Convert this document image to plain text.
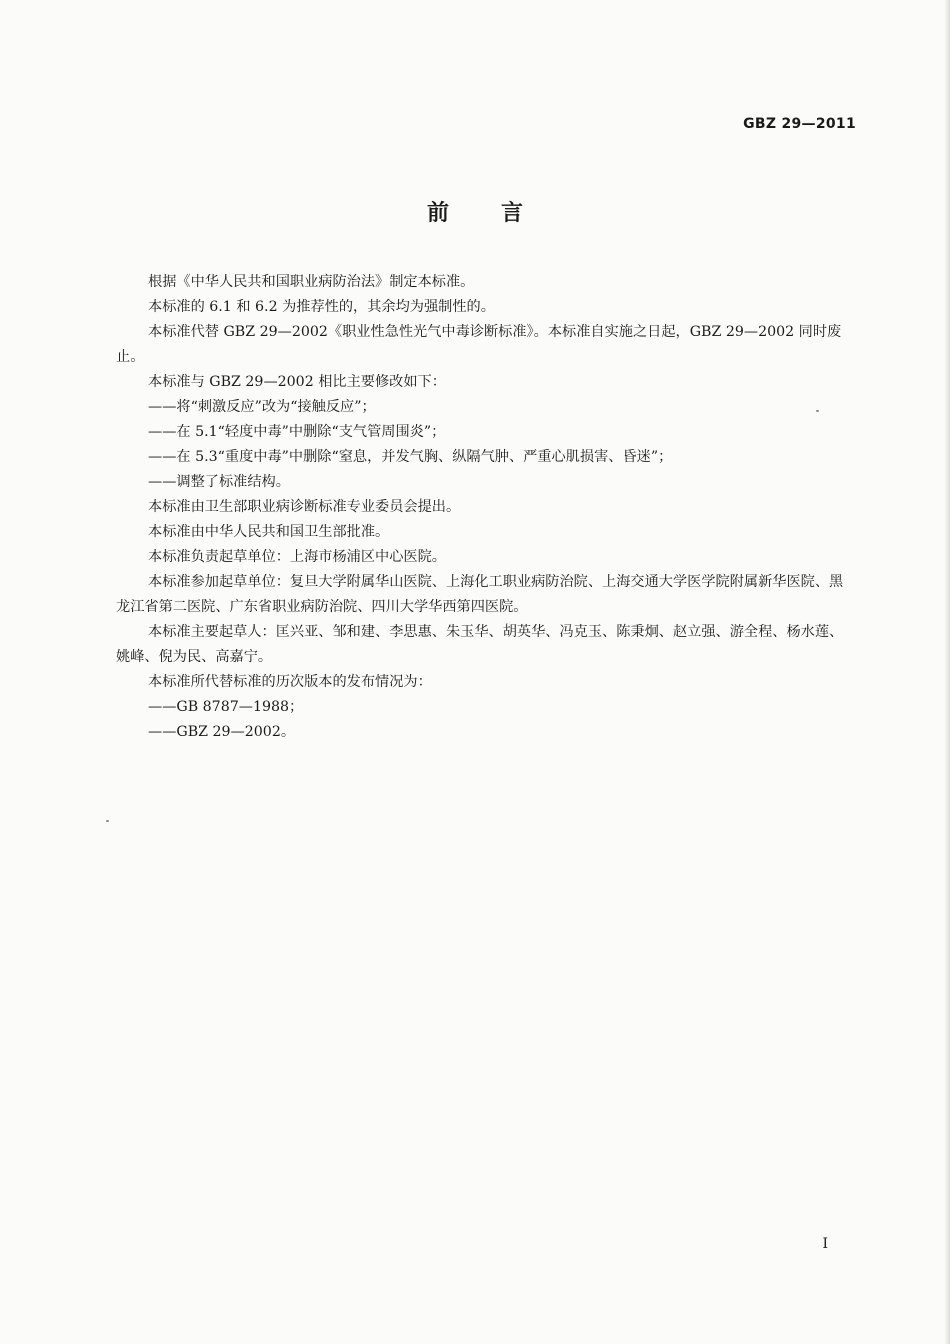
GBZ 29—2011
前言

根据《中华人民共和国职业病防治法》制定本标准。

本标准的 6.1 和 6.2 为推荐性的，其余均为强制性的。

本标准代替 GBZ 29—2002《职业性急性光气中毒诊断标准》。本标准自实施之日起，GBZ 29—2002 同时废止。

本标准与 GBZ 29—2002 相比主要修改如下：

——将“刺激反应”改为“接触反应”；

——在 5.1“轻度中毒”中删除“支气管周围炎”；

——在 5.3“重度中毒”中删除“窒息，并发气胸、纵隔气肿、严重心肌损害、昏迷”；

——调整了标准结构。

本标准由卫生部职业病诊断标准专业委员会提出。

本标准由中华人民共和国卫生部批准。

本标准负责起草单位：上海市杨浦区中心医院。

本标准参加起草单位：复旦大学附属华山医院、上海化工职业病防治院、上海交通大学医学院附属新华医院、黑龙江省第二医院、广东省职业病防治院、四川大学华西第四医院。

本标准主要起草人：匡兴亚、邹和建、李思惠、朱玉华、胡英华、冯克玉、陈秉炯、赵立强、游全程、杨水莲、姚峰、倪为民、高嘉宁。

本标准所代替标准的历次版本的发布情况为：

——GB 8787—1988；

——GBZ 29—2002。

I
